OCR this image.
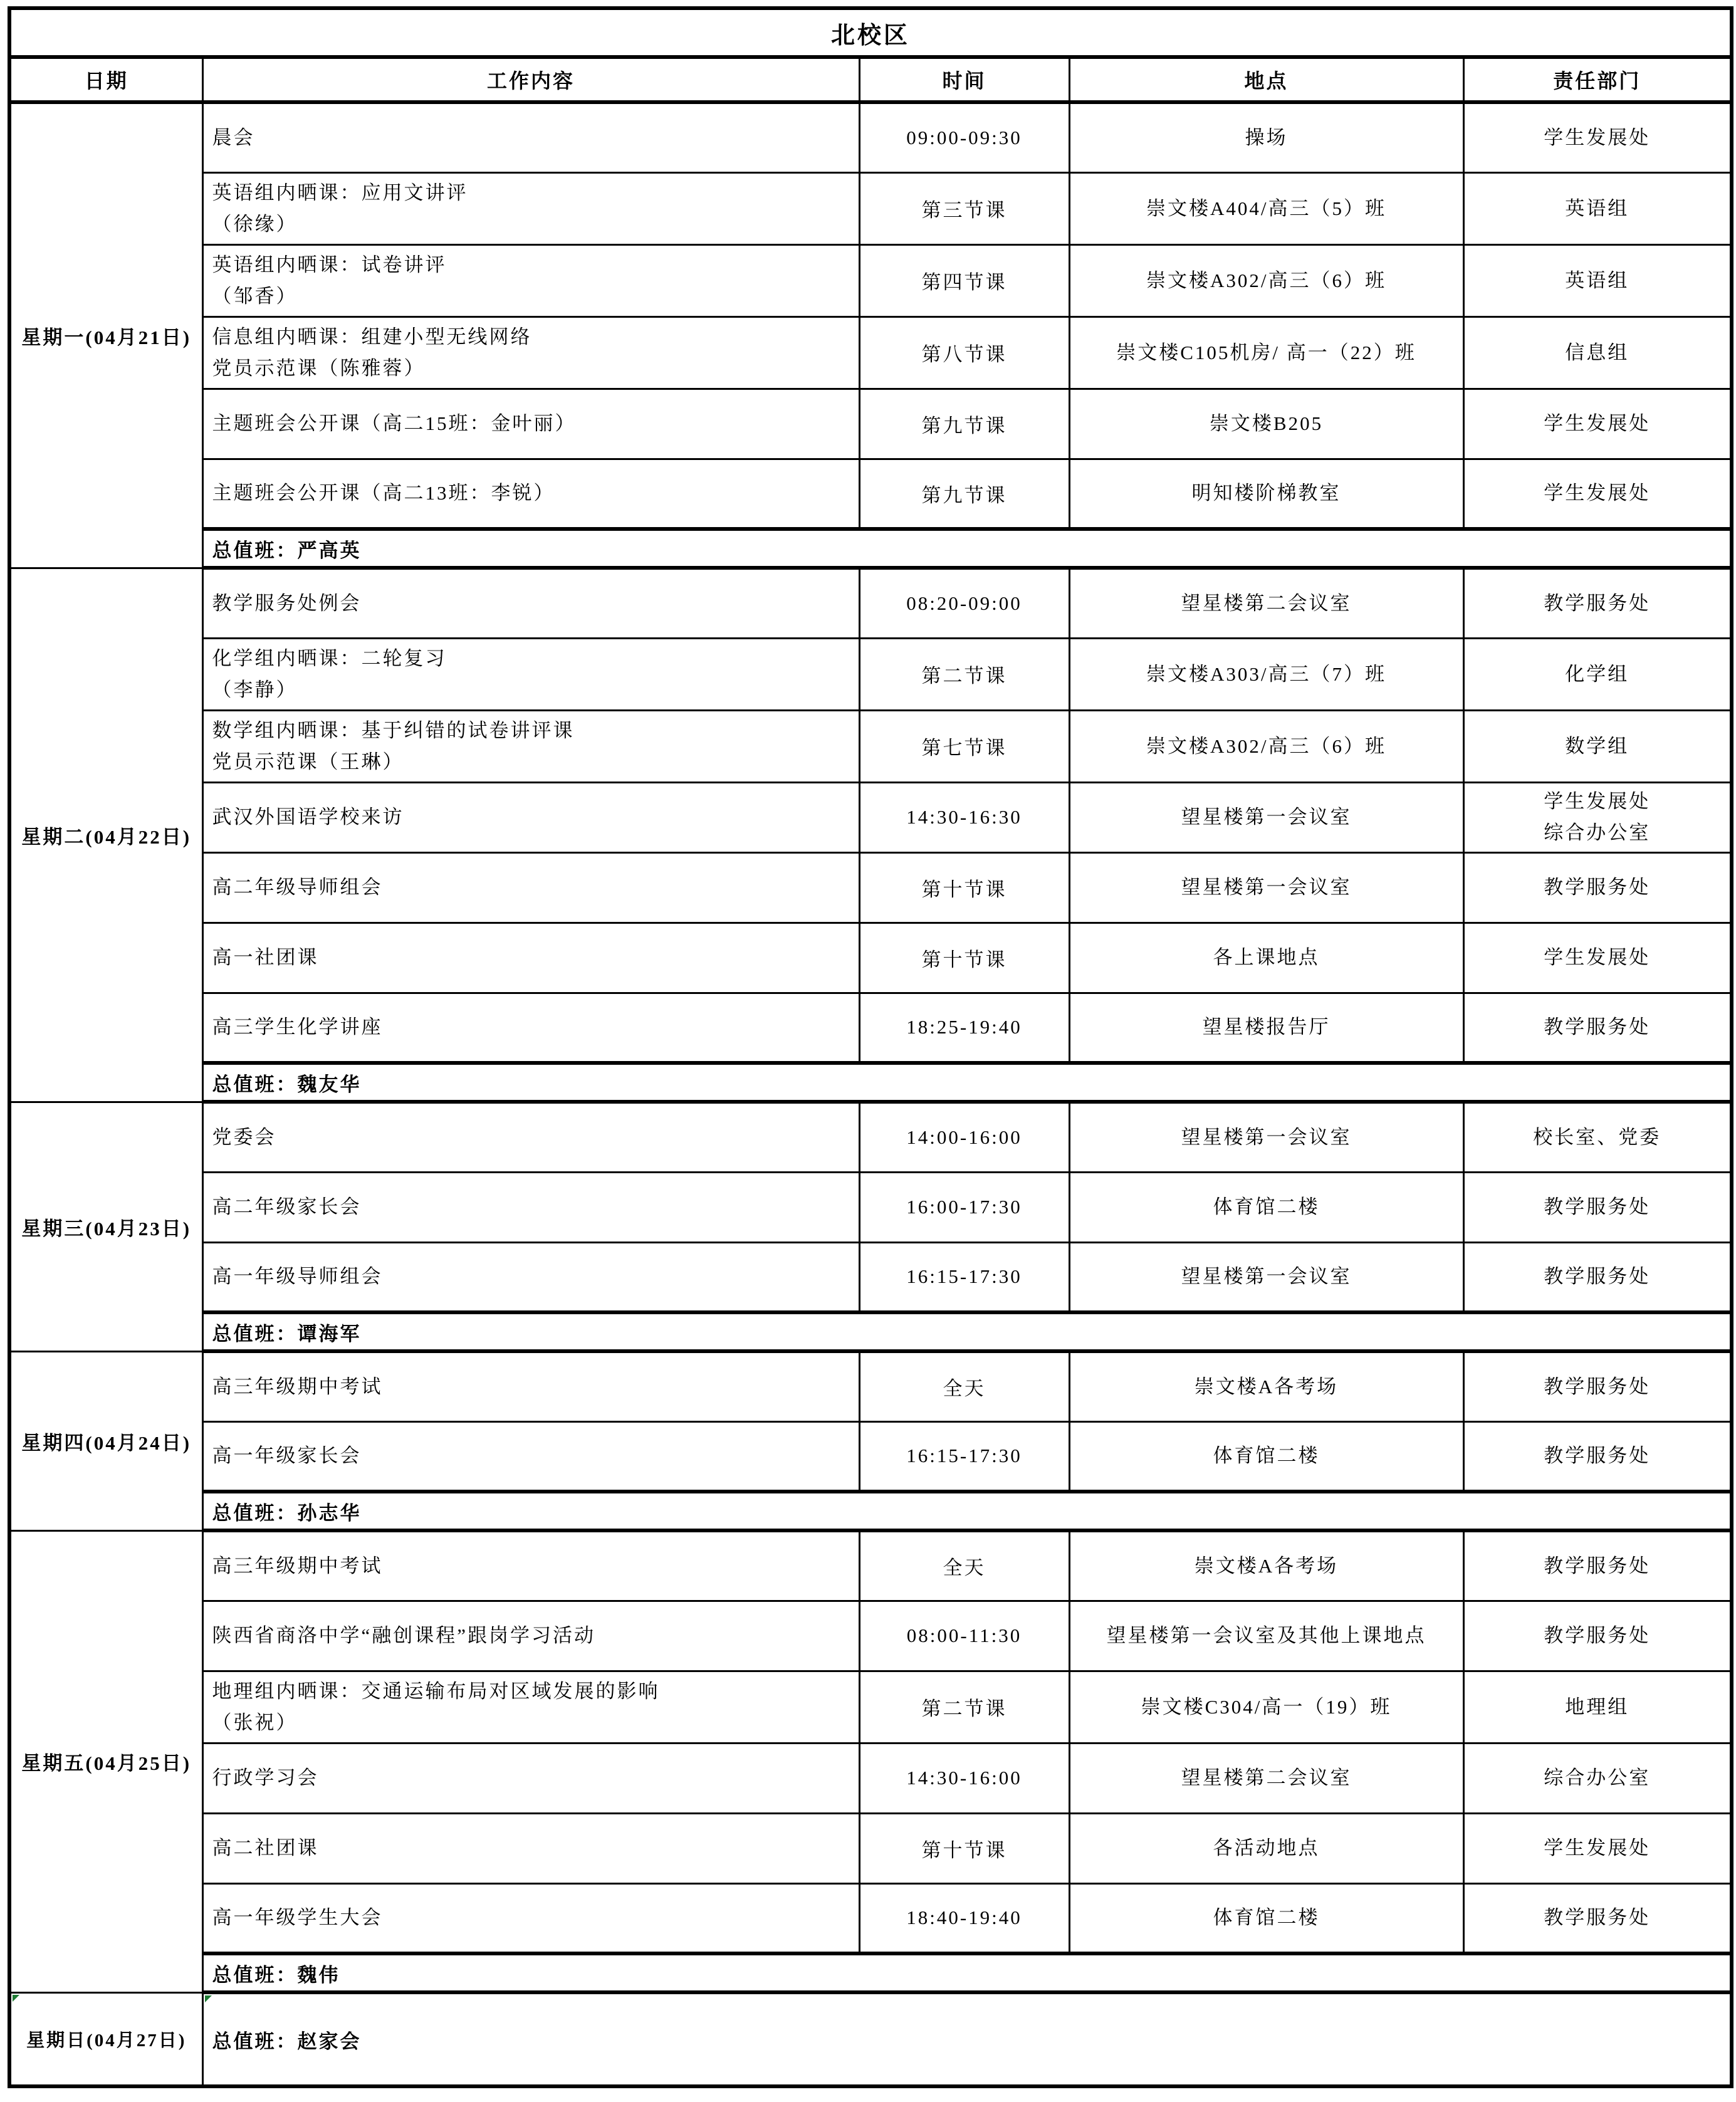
北校区				
日期	工作内容	时间	地点	责任部门
星期一(04月21日)	晨会	09:00-09:30	操场	学生发展处

	英语组内晒课：应用文讲评
（徐缘）	第三节课	崇文楼A404/高三（5）班	英语组

	英语组内晒课：试卷讲评
（邹香）	第四节课	崇文楼A302/高三（6）班	英语组

	信息组内晒课：组建小型无线网络
党员示范课（陈雅蓉）	第八节课	崇文楼C105机房/ 高一（22）班	信息组

	主题班会公开课（高二15班：金叶丽）	第九节课	崇文楼B205	学生发展处

	主题班会公开课（高二13班：李锐）	第九节课	明知楼阶梯教室	学生发展处

	总值班：严高英			
星期二(04月22日)	教学服务处例会	08:20-09:00	望星楼第二会议室	教学服务处

	化学组内晒课：二轮复习
（李静）	第二节课	崇文楼A303/高三（7）班	化学组

	数学组内晒课：基于纠错的试卷讲评课
党员示范课（王琳）	第七节课	崇文楼A302/高三（6）班	数学组

	武汉外国语学校来访	14:30-16:30	望星楼第一会议室	学生发展处
综合办公室

	高二年级导师组会	第十节课	望星楼第一会议室	教学服务处

	高一社团课	第十节课	各上课地点	学生发展处

	高三学生化学讲座	18:25-19:40	望星楼报告厅	教学服务处

	总值班：魏友华			
星期三(04月23日)	党委会	14:00-16:00	望星楼第一会议室	校长室、党委

	高二年级家长会	16:00-17:30	体育馆二楼	教学服务处

	高一年级导师组会	16:15-17:30	望星楼第一会议室	教学服务处

	总值班：谭海军			
星期四(04月24日)	高三年级期中考试	全天	崇文楼A各考场	教学服务处

	高一年级家长会	16:15-17:30	体育馆二楼	教学服务处

	总值班：孙志华			
星期五(04月25日)	高三年级期中考试	全天	崇文楼A各考场	教学服务处

	陕西省商洛中学“融创课程”跟岗学习活动	08:00-11:30	望星楼第一会议室及其他上课地点	教学服务处

	地理组内晒课：交通运输布局对区域发展的影响
（张祝）	第二节课	崇文楼C304/高一（19）班	地理组

	行政学习会	14:30-16:00	望星楼第二会议室	综合办公室

	高二社团课	第十节课	各活动地点	学生发展处

	高一年级学生大会	18:40-19:40	体育馆二楼	教学服务处

	总值班：魏伟			
星期日(04月27日)	总值班：赵家会			
